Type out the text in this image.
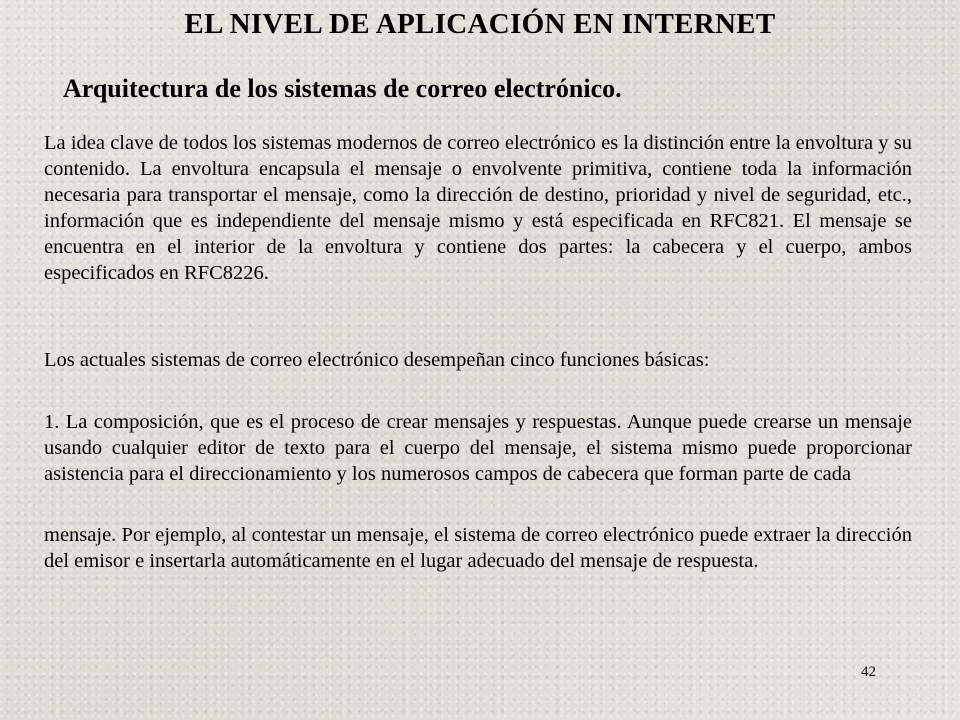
EL NIVEL DE APLICACIÓN EN INTERNET
Arquitectura de los sistemas de correo electrónico.

La idea clave de todos los sistemas modernos de correo electrónico es la distinción entre la envoltura y su contenido. La envoltura encapsula el mensaje o envolvente primitiva, contiene toda la información necesaria para transportar el mensaje, como la dirección de destino, prioridad y nivel de seguridad, etc., información que es independiente del mensaje mismo y está especificada en RFC821. El mensaje se encuentra en el interior de la envoltura y contiene dos partes: la cabecera y el cuerpo, ambos especificados en RFC8226.

Los actuales sistemas de correo electrónico desempeñan cinco funciones básicas:

1. La composición, que es el proceso de crear mensajes y respuestas. Aunque puede crearse un mensaje usando cualquier editor de texto para el cuerpo del mensaje, el sistema mismo puede proporcionar asistencia para el direccionamiento y los numerosos campos de cabecera que forman parte de cada

mensaje. Por ejemplo, al contestar un mensaje, el sistema de correo electrónico puede extraer la dirección del emisor e insertarla automáticamente en el lugar adecuado del mensaje de respuesta.

42
